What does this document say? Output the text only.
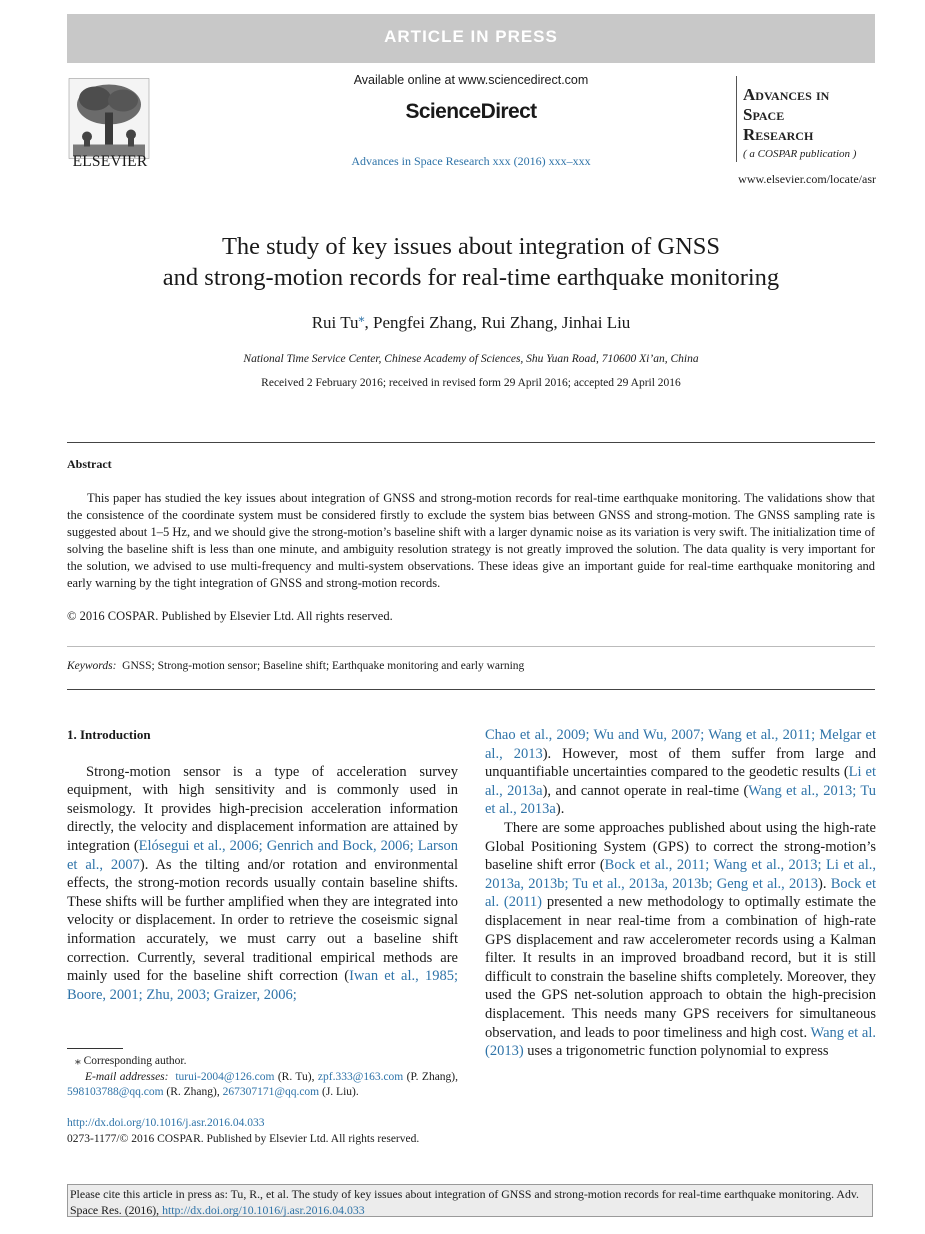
ARTICLE IN PRESS
ELSEVIER
Available online at www.sciencedirect.com
ScienceDirect
Advances in Space Research xxx (2016) xxx–xxx
Advances in
Space
Research
( a COSPAR publication )
www.elsevier.com/locate/asr
The study of key issues about integration of GNSS
and strong-motion records for real-time earthquake monitoring
Rui Tu⁎, Pengfei Zhang, Rui Zhang, Jinhai Liu
National Time Service Center, Chinese Academy of Sciences, Shu Yuan Road, 710600 Xi’an, China
Received 2 February 2016; received in revised form 29 April 2016; accepted 29 April 2016
Abstract
This paper has studied the key issues about integration of GNSS and strong-motion records for real-time earthquake monitoring. The validations show that the consistence of the coordinate system must be considered firstly to exclude the system bias between GNSS and strong-motion. The GNSS sampling rate is suggested about 1–5 Hz, and we should give the strong-motion’s baseline shift with a larger dynamic noise as its variation is very swift. The initialization time of solving the baseline shift is less than one minute, and ambiguity resolution strategy is not greatly improved the solution. The data quality is very important for the solution, we advised to use multi-frequency and multi-system observations. These ideas give an important guide for real-time earthquake monitoring and early warning by the tight integration of GNSS and strong-motion records.
© 2016 COSPAR. Published by Elsevier Ltd. All rights reserved.
Keywords: GNSS; Strong-motion sensor; Baseline shift; Earthquake monitoring and early warning

1. Introduction

Strong-motion sensor is a type of acceleration survey equipment, with high sensitivity and is commonly used in seismology. It provides high-precision acceleration information directly, the velocity and displacement information are attained by integration (Elósegui et al., 2006; Genrich and Bock, 2006; Larson et al., 2007). As the tilting and/or rotation and environmental effects, the strong-motion records usually contain baseline shifts. These shifts will be further amplified when they are integrated into velocity or displacement. In order to retrieve the coseismic signal information accurately, we must carry out a baseline shift correction. Currently, several traditional empirical methods are mainly used for the baseline shift correction (Iwan et al., 1985; Boore, 2001; Zhu, 2003; Graizer, 2006;

Chao et al., 2009; Wu and Wu, 2007; Wang et al., 2011; Melgar et al., 2013). However, most of them suffer from large and unquantifiable uncertainties compared to the geodetic results (Li et al., 2013a), and cannot operate in real-time (Wang et al., 2013; Tu et al., 2013a).

There are some approaches published about using the high-rate Global Positioning System (GPS) to correct the strong-motion’s baseline shift error (Bock et al., 2011; Wang et al., 2013; Li et al., 2013a, 2013b; Tu et al., 2013a, 2013b; Geng et al., 2013). Bock et al. (2011) presented a new methodology to optimally estimate the displacement in near real-time from a combination of high-rate GPS displacement and raw accelerometer records using a Kalman filter. It results in an improved broadband record, but it is still difficult to constrain the baseline shifts completely. Moreover, they used the GPS net-solution approach to obtain the high-precision displacement. This needs many GPS receivers for simultaneous observation, and leads to poor timeliness and high cost. Wang et al. (2013) uses a trigonometric function polynomial to express

⁎ Corresponding author.

E-mail addresses: turui-2004@126.com (R. Tu), zpf.333@163.com (P. Zhang), 598103788@qq.com (R. Zhang), 267307171@qq.com (J. Liu).

http://dx.doi.org/10.1016/j.asr.2016.04.033
0273-1177/© 2016 COSPAR. Published by Elsevier Ltd. All rights reserved.
Please cite this article in press as: Tu, R., et al. The study of key issues about integration of GNSS and strong-motion records for real-time earthquake monitoring. Adv. Space Res. (2016), http://dx.doi.org/10.1016/j.asr.2016.04.033
